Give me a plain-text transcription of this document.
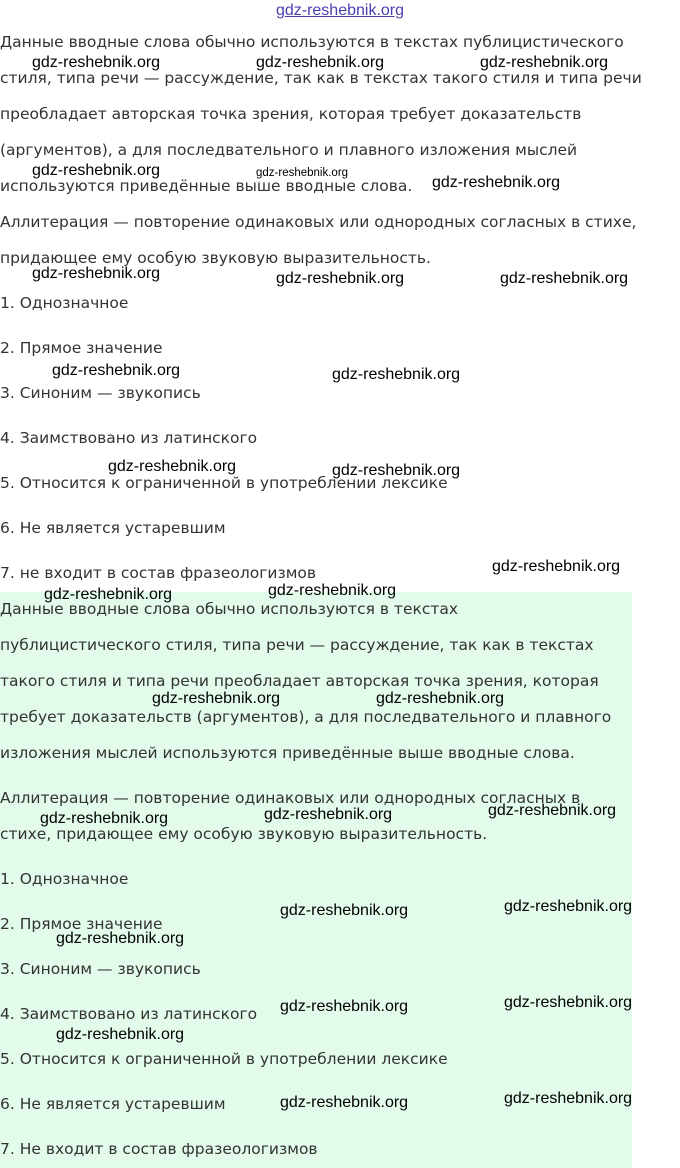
gdz-reshebnik.org
Данные вводные слова обычно используются в текстах публицистического
стиля, типа речи — рассуждение, так как в текстах такого стиля и типа речи
преобладает авторская точка зрения, которая требует доказательств
(аргументов), а для последвательного и плавного изложения мыслей
используются приведённые выше вводные слова.
Аллитерация — повторение одинаковых или однородных согласных в стихе,
придающее ему особую звуковую выразительность.
1. Однозначное
2. Прямое значение
3. Синоним — звукопись
4. Заимствовано из латинского
5. Относится к ограниченной в употреблении лексике
6. Не является устаревшим
7. не входит в состав фразеологизмов
Данные вводные слова обычно используются в текстах
публицистического стиля, типа речи — рассуждение, так как в текстах
такого стиля и типа речи преобладает авторская точка зрения, которая
требует доказательств (аргументов), а для последвательного и плавного
изложения мыслей используются приведённые выше вводные слова.
Аллитерация — повторение одинаковых или однородных согласных в
стихе, придающее ему особую звуковую выразительность.
1. Однозначное
2. Прямое значение
3. Синоним — звукопись
4. Заимствовано из латинского
5. Относится к ограниченной в употреблении лексике
6. Не является устаревшим
7. Не входит в состав фразеологизмов
gdz-reshebnik.org	gdz-reshebnik.org	gdz-reshebnik.org
gdz-reshebnik.org	gdz-reshebnik.org
gdz-reshebnik.org
gdz-reshebnik.org	gdz-reshebnik.org	gdz-reshebnik.org
gdz-reshebnik.org	gdz-reshebnik.org
gdz-reshebnik.org	gdz-reshebnik.org
gdz-reshebnik.org
gdz-reshebnik.org	gdz-reshebnik.org
gdz-reshebnik.org	gdz-reshebnik.org
gdz-reshebnik.org	gdz-reshebnik.org	gdz-reshebnik.org
gdz-reshebnik.org	gdz-reshebnik.org
gdz-reshebnik.org
gdz-reshebnik.org	gdz-reshebnik.org
gdz-reshebnik.org
gdz-reshebnik.org	gdz-reshebnik.org
